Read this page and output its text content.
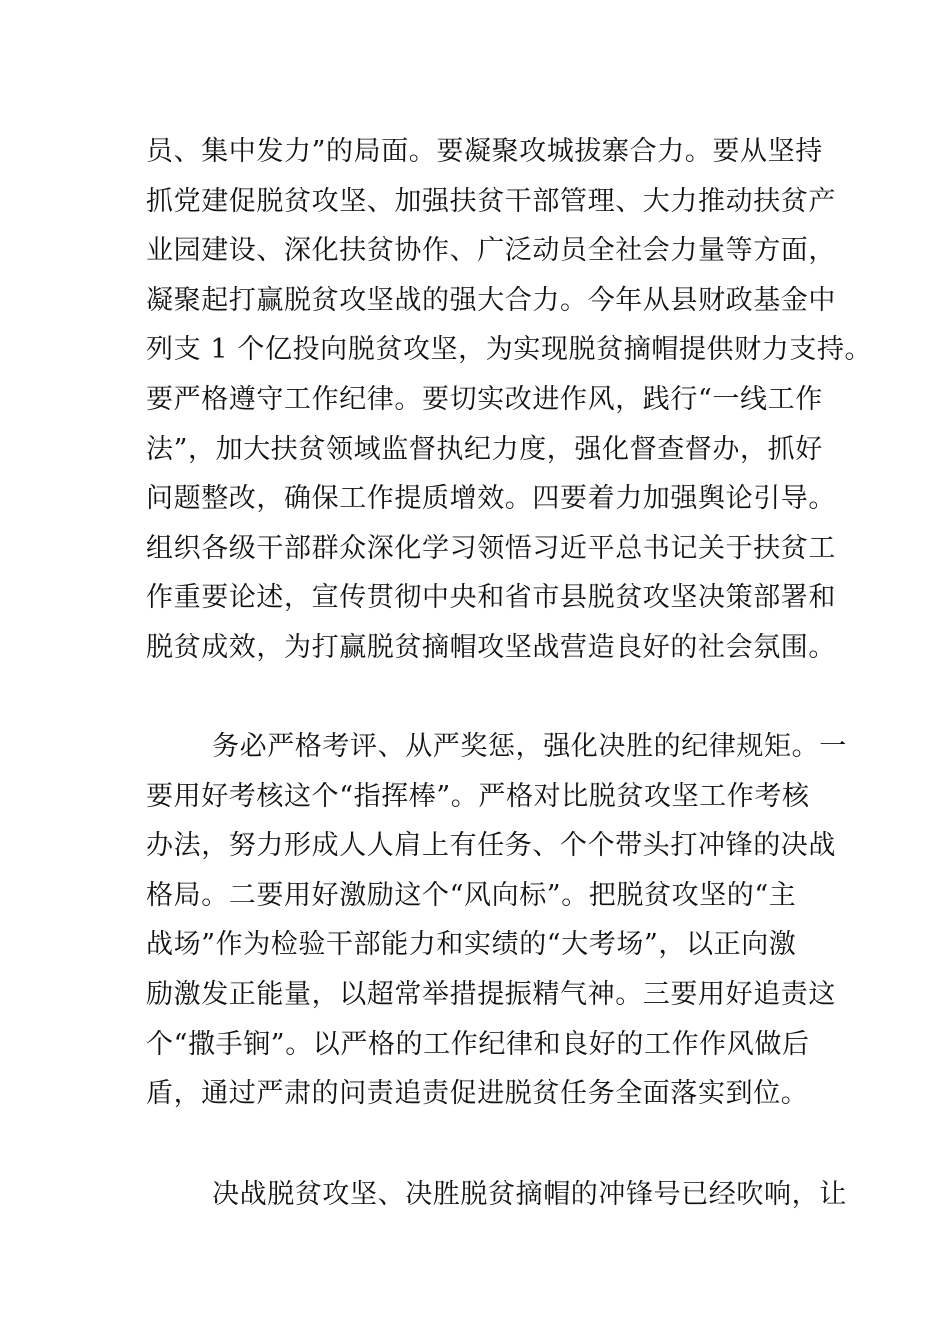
员、集中发力”的局面。要凝聚攻城拔寨合力。要从坚持
抓党建促脱贫攻坚、加强扶贫干部管理、大力推动扶贫产
业园建设、深化扶贫协作、广泛动员全社会力量等方面，
凝聚起打赢脱贫攻坚战的强大合力。今年从县财政基金中
列支 1 个亿投向脱贫攻坚，为实现脱贫摘帽提供财力支持。
要严格遵守工作纪律。要切实改进作风，践行“一线工作
法”，加大扶贫领域监督执纪力度，强化督查督办，抓好
问题整改，确保工作提质增效。四要着力加强舆论引导。
组织各级干部群众深化学习领悟习近平总书记关于扶贫工
作重要论述，宣传贯彻中央和省市县脱贫攻坚决策部署和
脱贫成效，为打赢脱贫摘帽攻坚战营造良好的社会氛围。

务必严格考评、从严奖惩，强化决胜的纪律规矩。一
要用好考核这个“指挥棒”。严格对比脱贫攻坚工作考核
办法，努力形成人人肩上有任务、个个带头打冲锋的决战
格局。二要用好激励这个“风向标”。把脱贫攻坚的“主
战场”作为检验干部能力和实绩的“大考场”，以正向激
励激发正能量，以超常举措提振精气神。三要用好追责这
个“撒手锏”。以严格的工作纪律和良好的工作作风做后
盾，通过严肃的问责追责促进脱贫任务全面落实到位。

决战脱贫攻坚、决胜脱贫摘帽的冲锋号已经吹响，让
